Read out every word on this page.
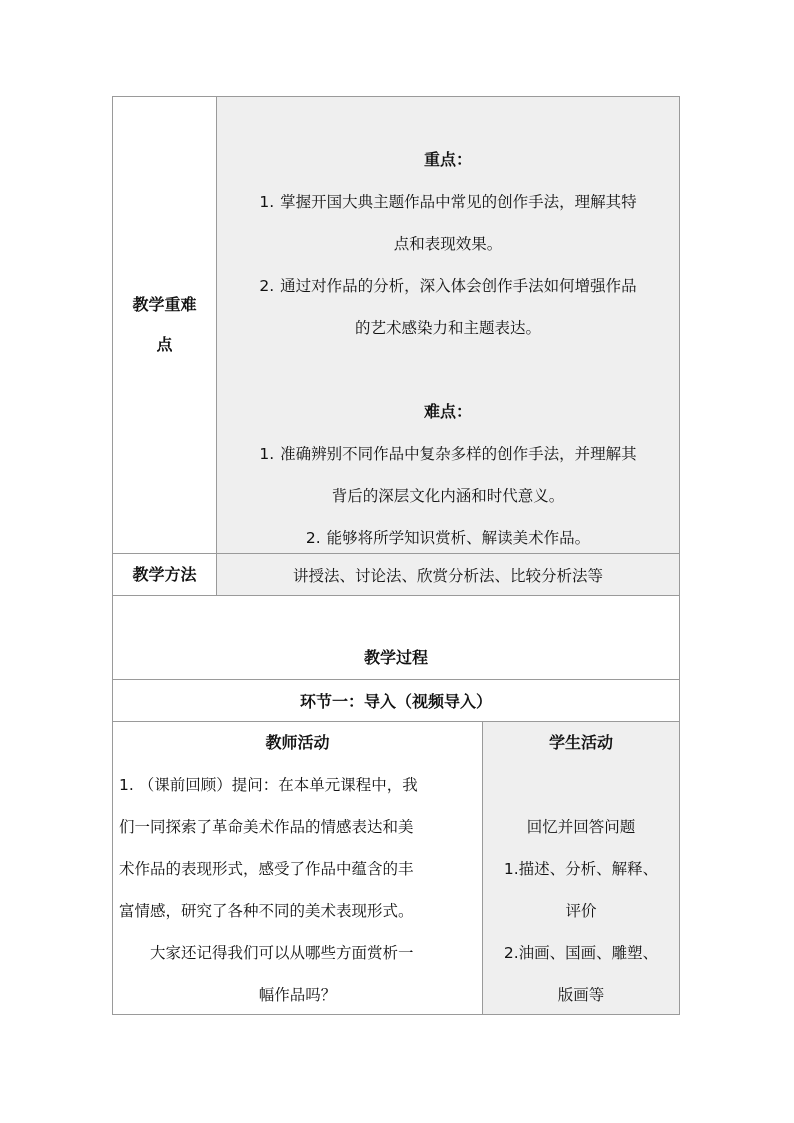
教学重难点
重点：
1. 掌握开国大典主题作品中常见的创作手法，理解其特
点和表现效果。
2. 通过对作品的分析，深入体会创作手法如何增强作品
的艺术感染力和主题表达。
难点：
1. 准确辨别不同作品中复杂多样的创作手法，并理解其
背后的深层文化内涵和时代意义。
2. 能够将所学知识赏析、解读美术作品。
教学方法	讲授法、讨论法、欣赏分析法、比较分析法等
教学过程
环节一：导入（视频导入）
教师活动
1. （课前回顾）提问：在本单元课程中，我
们一同探索了革命美术作品的情感表达和美
术作品的表现形式，感受了作品中蕴含的丰
富情感，研究了各种不同的美术表现形式。
大家还记得我们可以从哪些方面赏析一
幅作品吗？
学生活动
回忆并回答问题
1.描述、分析、解释、
评价
2.油画、国画、雕塑、
版画等
